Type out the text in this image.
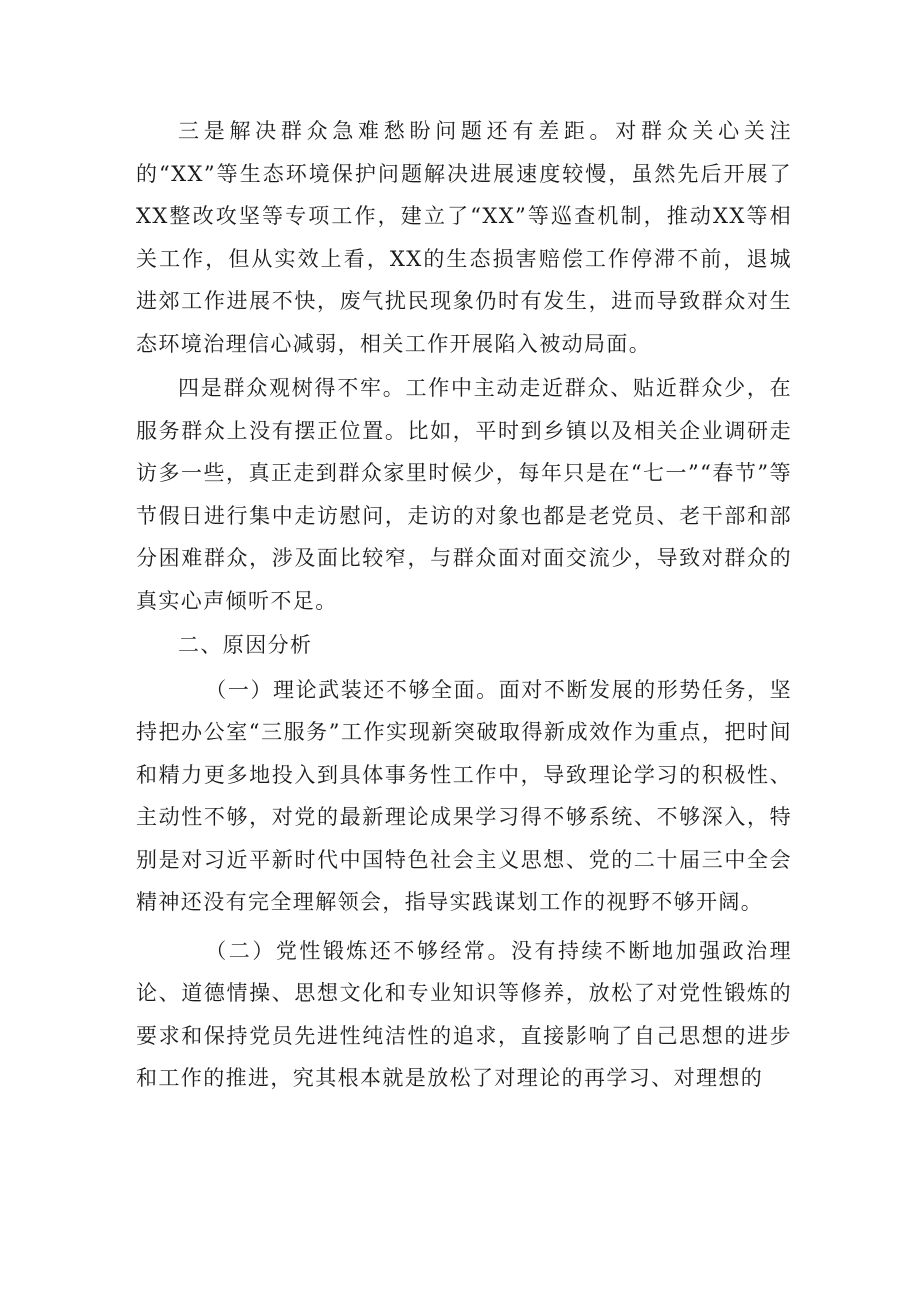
三是解决群众急难愁盼问题还有差距。对群众关心关注的“XX”等生态环境保护问题解决进展速度较慢，虽然先后开展了XX整改攻坚等专项工作，建立了“XX”等巡查机制，推动XX等相关工作，但从实效上看，XX的生态损害赔偿工作停滞不前，退城进郊工作进展不快，废气扰民现象仍时有发生，进而导致群众对生态环境治理信心减弱，相关工作开展陷入被动局面。

四是群众观树得不牢。工作中主动走近群众、贴近群众少，在服务群众上没有摆正位置。比如，平时到乡镇以及相关企业调研走访多一些，真正走到群众家里时候少，每年只是在“七一”“春节”等节假日进行集中走访慰问，走访的对象也都是老党员、老干部和部分困难群众，涉及面比较窄，与群众面对面交流少，导致对群众的真实心声倾听不足。

二、原因分析

（一）理论武装还不够全面。面对不断发展的形势任务，坚持把办公室“三服务”工作实现新突破取得新成效作为重点，把时间和精力更多地投入到具体事务性工作中，导致理论学习的积极性、主动性不够，对党的最新理论成果学习得不够系统、不够深入，特别是对习近平新时代中国特色社会主义思想、党的二十届三中全会精神还没有完全理解领会，指导实践谋划工作的视野不够开阔。

（二）党性锻炼还不够经常。没有持续不断地加强政治理论、道德情操、思想文化和专业知识等修养，放松了对党性锻炼的要求和保持党员先进性纯洁性的追求，直接影响了自己思想的进步和工作的推进，究其根本就是放松了对理论的再学习、对理想的
